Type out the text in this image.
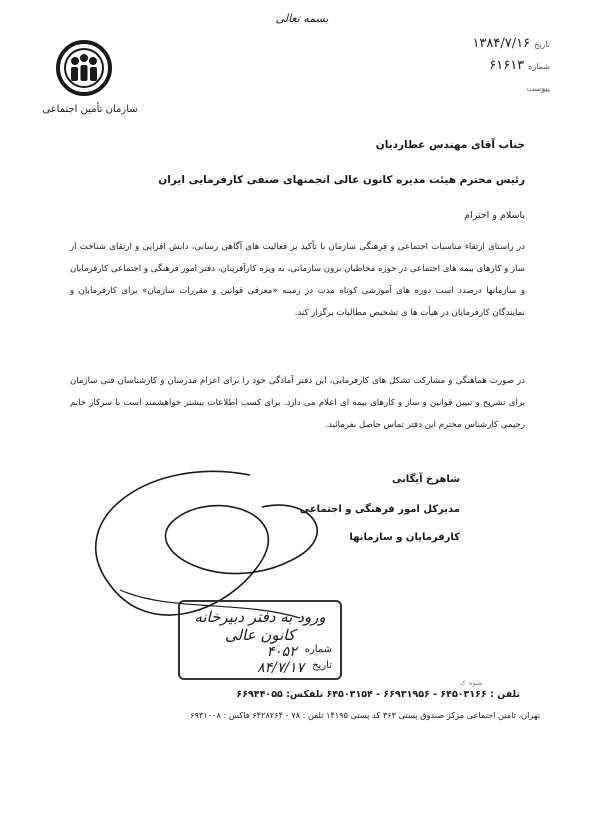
بسمه تعالی
سازمان تأمین اجتماعی
تاریخ۱۳۸۴/۷/۱۶
شماره۶۱۶۱۳
پیوست
جناب آقای مهندس عطاردیان
رئیس محترم هیئت مدیره کانون عالی انجمنهای صنفی کارفرمایی ایران
باسلام و احترام
در راستای ارتقاء مناسبات اجتماعی و فرهنگی سازمان با تأکید بر فعالیت های آگاهی رسانی، دانش افزایی و ارتقای شناخت از ساز و کارهای بیمه های اجتماعی در حوزه مخاطبان برون سازمانی، به ویژه کارآفرینان، دفتر امور فرهنگی و اجتماعی کارفرمایان و سازمانها درصدد است دوره های آموزشی کوتاه مدت در زمینه «معرفی قوانین و مقررات سازمان» برای کارفرمایان و نمایندگان کارفرمایان در هیأت ها ی تشخیص مطالبات برگزار کند.
در صورت هماهنگی و مشارکت تشکل های کارفرمایی، این دفتر آمادگی خود را برای اعزام مدرسان و کارشناسان فنی سازمان برای تشریح و تبیین قوانین و ساز و کارهای بیمه ای اعلام می دارد. برای کسب اطلاعات بیشتر خواهشمند است با سرکار خانم رحیمی کارشناس محترم این دفتر تماس حاصل بفرمائید.
شاهرخ آیگانی
مدیرکل امور فرهنگی و اجتماعی
کارفرمایان و سازمانها
ورود به دفتر دبیرخانه کانون عالی
شماره
۴۰۵۲
تاریخ
۸۴/۷/۱۷
شیوه: ک
تلفن : ۶۴۵۰۳۱۶۶ - ۶۶۹۳۱۹۵۶ - ۶۴۵۰۳۱۵۴ تلفکس: ۶۶۹۴۴۰۵۵
تهران، تامین اجتماعی مرکز صندوق پستی ۳۶۳ کد پستی ۱۴۱۹۵ تلفن : ۷۸ - ۶۴۲۸۲۶۴ فاکس : ۶۹۳۱۰۰۸
